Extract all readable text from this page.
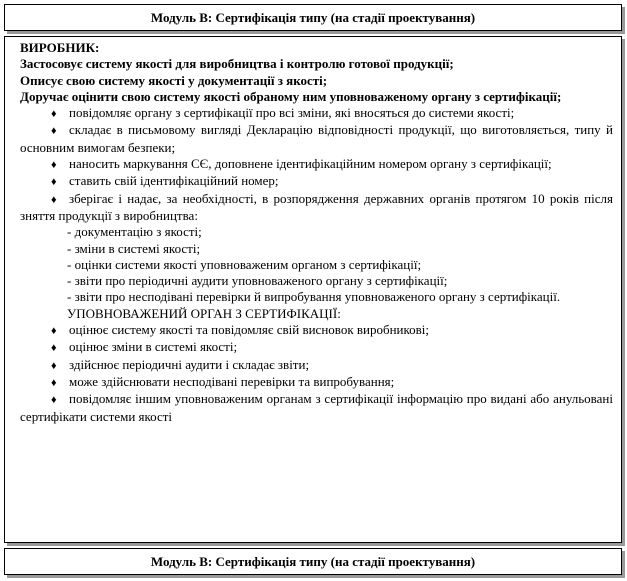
Модуль В: Сертифікація типу (на стадії проектування)

ВИРОБНИК:

Застосовує систему якості для виробництва і контролю готової продукції;

Описує свою систему якості у документації з якості;

Доручає оцінити свою систему якості обраному ним уповноваженому органу з сертифікації;

♦ повідомляє органу з сертифікації про всі зміни, які вносяться до системи якості;

♦ складає в письмовому вигляді Декларацію відповідності продукції, що виготовляється, типу й основним вимогам безпеки;

♦ наносить маркування СЄ, доповнене ідентифікаційним номером органу з сертифікації;

♦ ставить свій ідентифікаційний номер;

♦ зберігає і надає, за необхідності, в розпорядження державних органів протягом 10 років після зняття продукції з виробництва:

- документацію з якості;

- зміни в системі якості;

- оцінки системи якості уповноваженим органом з сертифікації;

- звіти про періодичні аудити уповноваженого органу з сертифікації;

- звіти про несподівані перевірки й випробування уповноваженого органу з сертифікації.

УПОВНОВАЖЕНИЙ ОРГАН З СЕРТИФІКАЦІЇ:

♦ оцінює систему якості та повідомляє свій висновок виробникові;

♦ оцінює зміни в системі якості;

♦ здійснює періодичні аудити і складає звіти;

♦ може здійснювати несподівані перевірки та випробування;

♦ повідомляє іншим уповноваженим органам з сертифікації інформацію про видані або анульовані сертифікати системи якості

Модуль В: Сертифікація типу (на стадії проектування)
